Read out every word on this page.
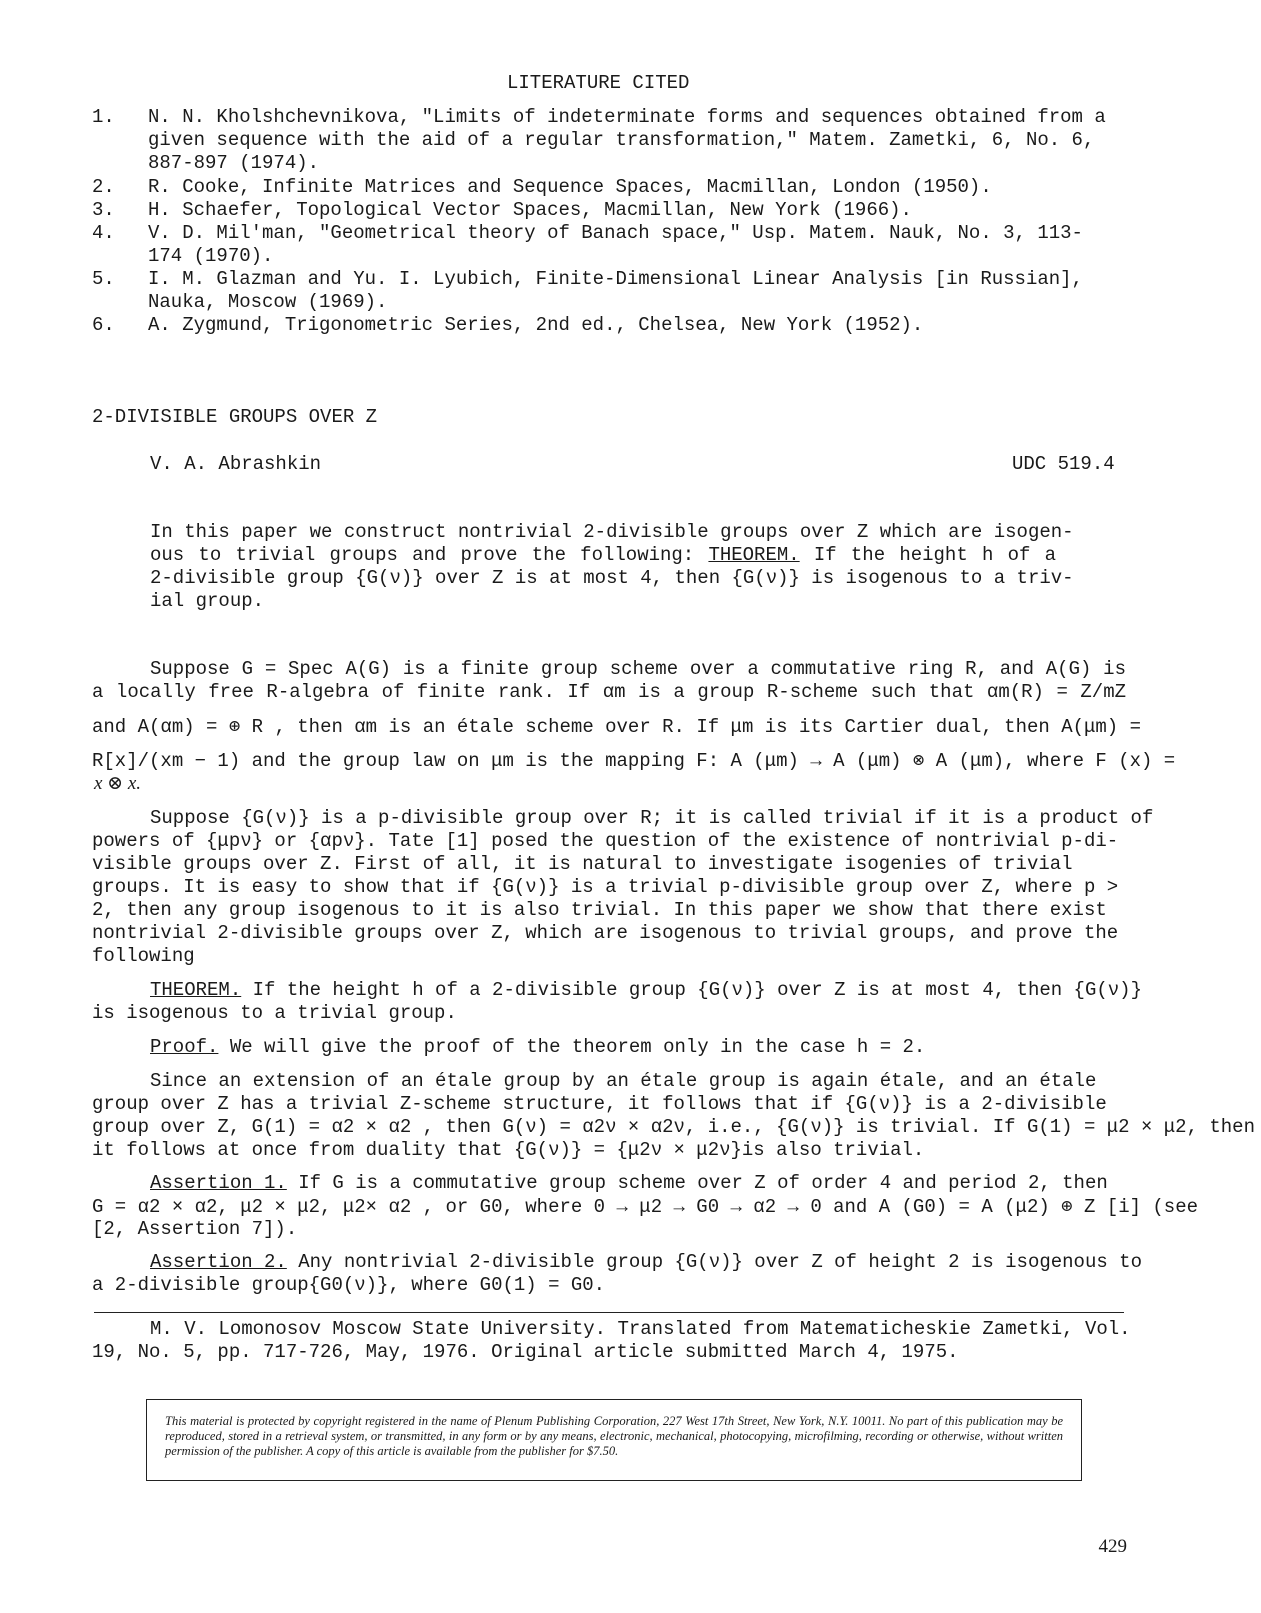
LITERATURE CITED
1. N. N. Kholshchevnikova, "Limits of indeterminate forms and sequences obtained from a
given sequence with the aid of a regular transformation," Matem. Zametki, 6, No. 6,
887-897 (1974).
2. R. Cooke, Infinite Matrices and Sequence Spaces, Macmillan, London (1950).
3. H. Schaefer, Topological Vector Spaces, Macmillan, New York (1966).
4. V. D. Mil'man, "Geometrical theory of Banach space," Usp. Matem. Nauk, No. 3, 113-
174 (1970).
5. I. M. Glazman and Yu. I. Lyubich, Finite-Dimensional Linear Analysis [in Russian],
Nauka, Moscow (1969).
6. A. Zygmund, Trigonometric Series, 2nd ed., Chelsea, New York (1952).
2-DIVISIBLE GROUPS OVER Z
V. A. Abrashkin	UDC 519.4
In this paper we construct nontrivial 2-divisible groups over Z which are isogen-
ous to trivial groups and prove the following: THEOREM. If the height h of a
2-divisible group {G(ν)} over Z is at most 4, then {G(ν)} is isogenous to a triv-
ial group.
Suppose G = Spec A(G) is a finite group scheme over a commutative ring R, and A(G) is
a locally free R-algebra of finite rank. If αm is a group R-scheme such that αm(R) = Z/mZ
and A(αm) = ⊕ R , then αm is an étale scheme over R. If μm is its Cartier dual, then A(μm) =
R[x]/(xm − 1) and the group law on μm is the mapping F: A (μm) → A (μm) ⊗ A (μm), where F (x) =
x ⊗ x.
Suppose {G(ν)} is a p-divisible group over R; it is called trivial if it is a product of
powers of {μpν} or {αpν}. Tate [1] posed the question of the existence of nontrivial p-di-
visible groups over Z. First of all, it is natural to investigate isogenies of trivial
groups. It is easy to show that if {G(ν)} is a trivial p-divisible group over Z, where p >
2, then any group isogenous to it is also trivial. In this paper we show that there exist
nontrivial 2-divisible groups over Z, which are isogenous to trivial groups, and prove the
following
THEOREM. If the height h of a 2-divisible group {G(ν)} over Z is at most 4, then {G(ν)}
is isogenous to a trivial group.
Proof. We will give the proof of the theorem only in the case h = 2.
Since an extension of an étale group by an étale group is again étale, and an étale
group over Z has a trivial Z-scheme structure, it follows that if {G(ν)} is a 2-divisible
group over Z, G(1) = α2 × α2 , then G(ν) = α2ν × α2ν, i.e., {G(ν)} is trivial. If G(1) = μ2 × μ2, then
it follows at once from duality that {G(ν)} = {μ2ν × μ2ν}is also trivial.
Assertion 1. If G is a commutative group scheme over Z of order 4 and period 2, then
G = α2 × α2, μ2 × μ2, μ2× α2 , or G0, where 0 → μ2 → G0 → α2 → 0 and A (G0) = A (μ2) ⊕ Z [i] (see
[2, Assertion 7]).
Assertion 2. Any nontrivial 2-divisible group {G(ν)} over Z of height 2 is isogenous to
a 2-divisible group{G0(ν)}, where G0(1) = G0.
M. V. Lomonosov Moscow State University. Translated from Matematicheskie Zametki, Vol.
19, No. 5, pp. 717-726, May, 1976. Original article submitted March 4, 1975.
This material is protected by copyright registered in the name of Plenum Publishing Corporation, 227 West 17th Street, New York, N.Y. 10011. No part of this publication may be reproduced, stored in a retrieval system, or transmitted, in any form or by any means, electronic, mechanical, photocopying, microfilming, recording or otherwise, without written permission of the publisher. A copy of this article is available from the publisher for $7.50.
429
